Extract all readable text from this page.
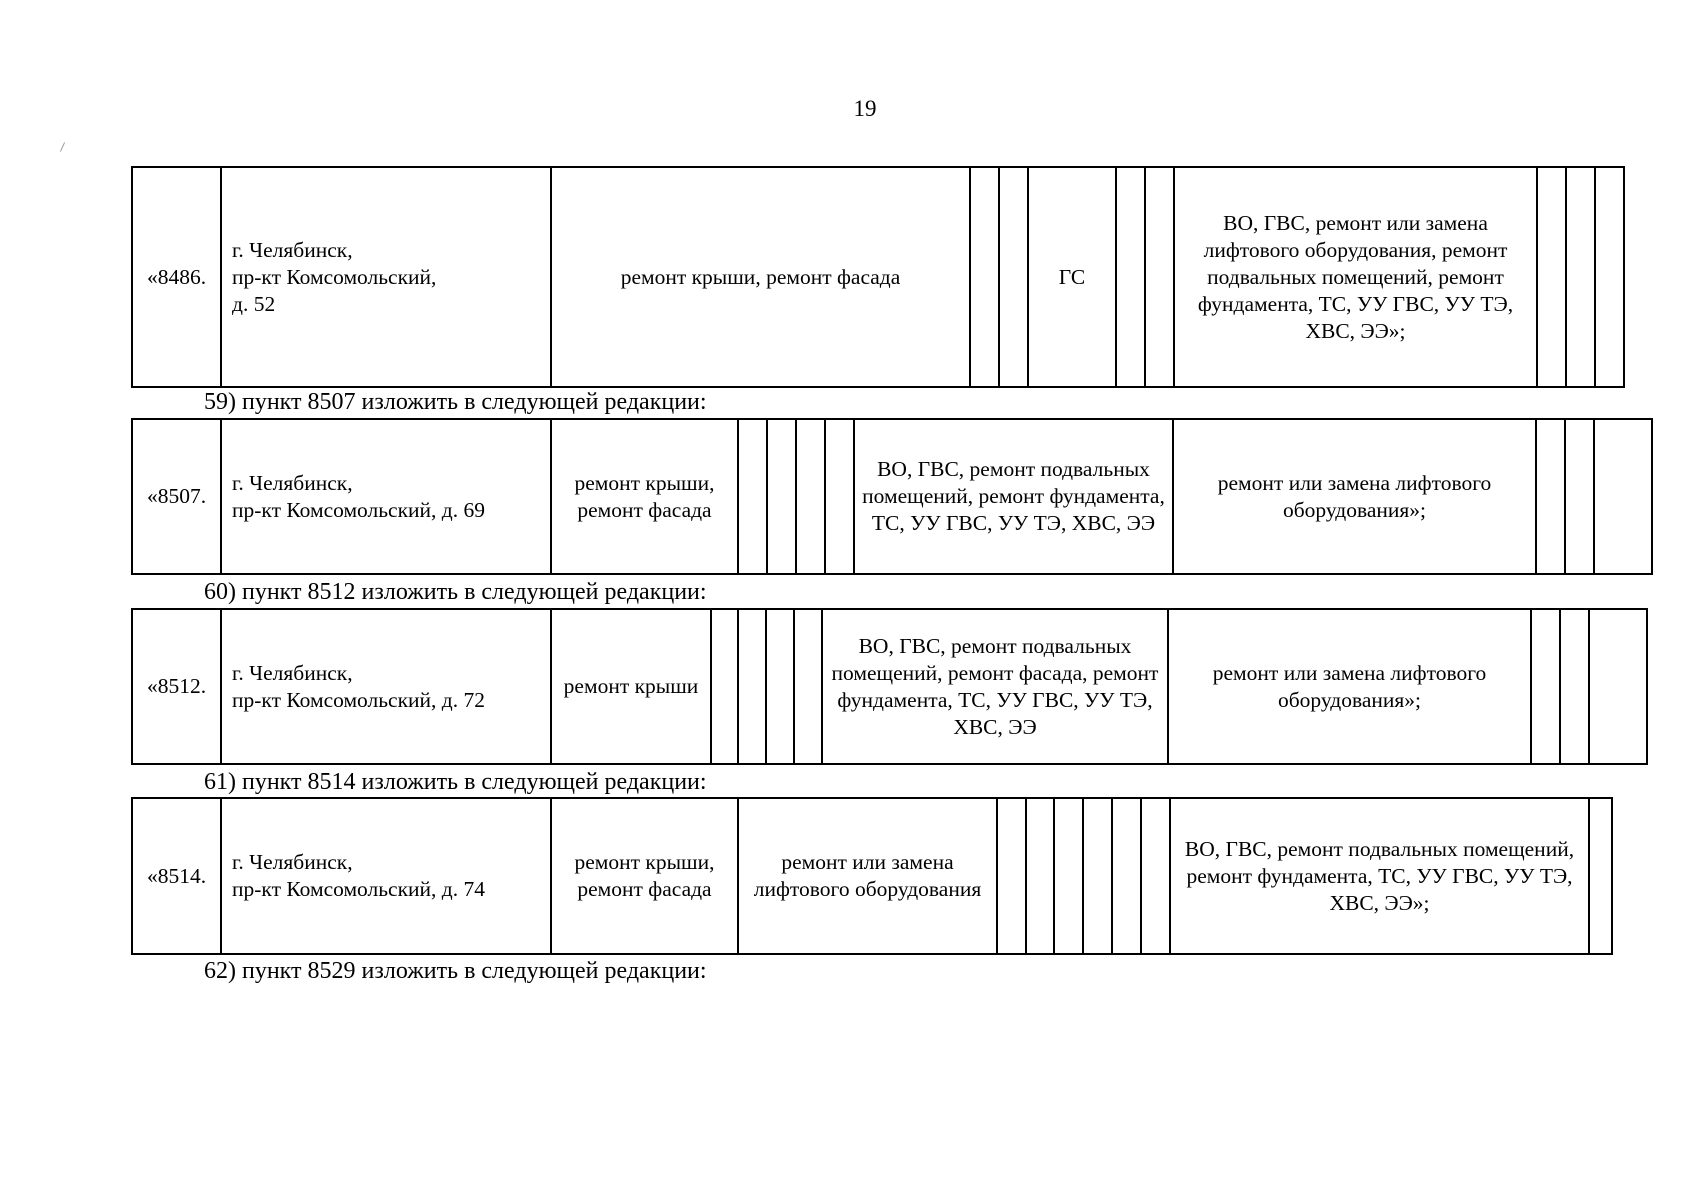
19
«8486.	г. Челябинск,
пр-кт Комсомольский,
д. 52	ремонт крыши, ремонт фасада			ГС			ВО, ГВС, ремонт или замена лифтового оборудования, ремонт подвальных помещений, ремонт фундамента, ТС, УУ ГВС, УУ ТЭ, ХВС, ЭЭ»;			
59) пункт 8507 изложить в следующей редакции:
«8507.	г. Челябинск,
пр-кт Комсомольский, д. 69	ремонт крыши, ремонт фасада					ВО, ГВС, ремонт подвальных помещений, ремонт фундамента, ТС, УУ ГВС, УУ ТЭ, ХВС, ЭЭ	ремонт или замена лифтового оборудования»;			
60) пункт 8512 изложить в следующей редакции:
«8512.	г. Челябинск,
пр-кт Комсомольский, д. 72	ремонт крыши					ВО, ГВС, ремонт подвальных помещений, ремонт фасада, ремонт фундамента, ТС, УУ ГВС, УУ ТЭ, ХВС, ЭЭ	ремонт или замена лифтового оборудования»;			
61) пункт 8514 изложить в следующей редакции:
«8514.	г. Челябинск,
пр-кт Комсомольский, д. 74	ремонт крыши, ремонт фасада	ремонт или замена лифтового оборудования							ВО, ГВС, ремонт подвальных помещений, ремонт фундамента, ТС, УУ ГВС, УУ ТЭ, ХВС, ЭЭ»;	
62) пункт 8529 изложить в следующей редакции:
